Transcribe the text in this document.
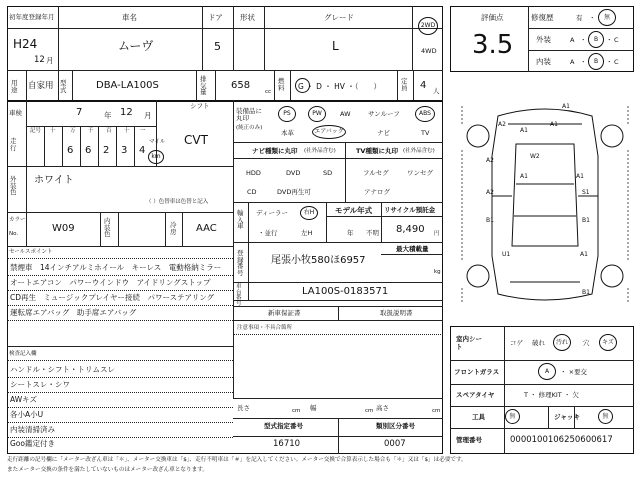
初年度登録年月	車名	ドア 形状	グレード
H24
12 月
ムーヴ	5	L
2WD
4WD
用途	自家用 型式	DBA-LA100S
排気量
658
cc
燃料	G ・ D ・ HV ・（　　）
定員	4 人
評価点
3.5
修復歴	有 ・ 無
外装	A ・ B ・ C
内装	A ・ B ・ C
車検	7	年 12 月
シフト
CVT
走行
記号 十	万 千 百 十 一
6 6 2 3 4
マイル
km
外装色
ホワイト
（ ）色替車は色替と記入
カラー
No.	W09
内装色
冷房 AAC
セールスポイント
禁煙車　14インチアルミホイール　キーレス　電動格納ミラー
オートエアコン　パワーウインドウ　アイドリングストップ
CD再生　ミュージックプレイヤー接続　パワーステアリング
運転席エアバッグ　助手席エアバッグ
検査記入欄
ハンドル・シフト・トリムスレ
シートスレ・シワ
AWキズ
各小A小U
内装清掃済み
Goo鑑定付き
装備品に丸印
(純正のみ)
PS	PW	AW	サンルーフ	ABS
本革	エアバッグ	ナビ	TV
ナビ種類に丸印 (社外品含む)
HDD	DVD	SD
CD	DVD再生可
TV種類に丸印 (社外品含む)
フルセグ	ワンセグ
アナログ
輸入車
ディーラー
・並行
右H
左H
モデル年式
年 不明
リサイクル預託金
8,490 円
登録番号
尾張小牧580ほ6957
最大積載量
kg
車台番号
LA100S-0183571
新車保証書	取扱説明書
注意事項・不具合箇所
長さ	cm 幅	cm 高さ	cm
型式指定番号
16710
類別区分番号
0007
A1
A1
A2
A2
A1	A1
A2	S1
B1	B1
U1	A1
W2
B1
A1
室内シート
コゲ 破れ 汚れ 穴 キズ
フロントガラス	A ・ ×要交
スペアタイヤ	T ・ 修理KIT ・ 欠
工具	無	ジャッキ	無
管理番号	0000100106250600617
走行距離の記号欄に「メーター改ざん車は「＊」、メーター交換車は「$」、走行不明車は「＃」を記入してください。メーター交換で合算表示した場合も「＊」又は「$」は必要です。
またメーター交換の条件を満たしていないものはメーター改ざん車となります。
